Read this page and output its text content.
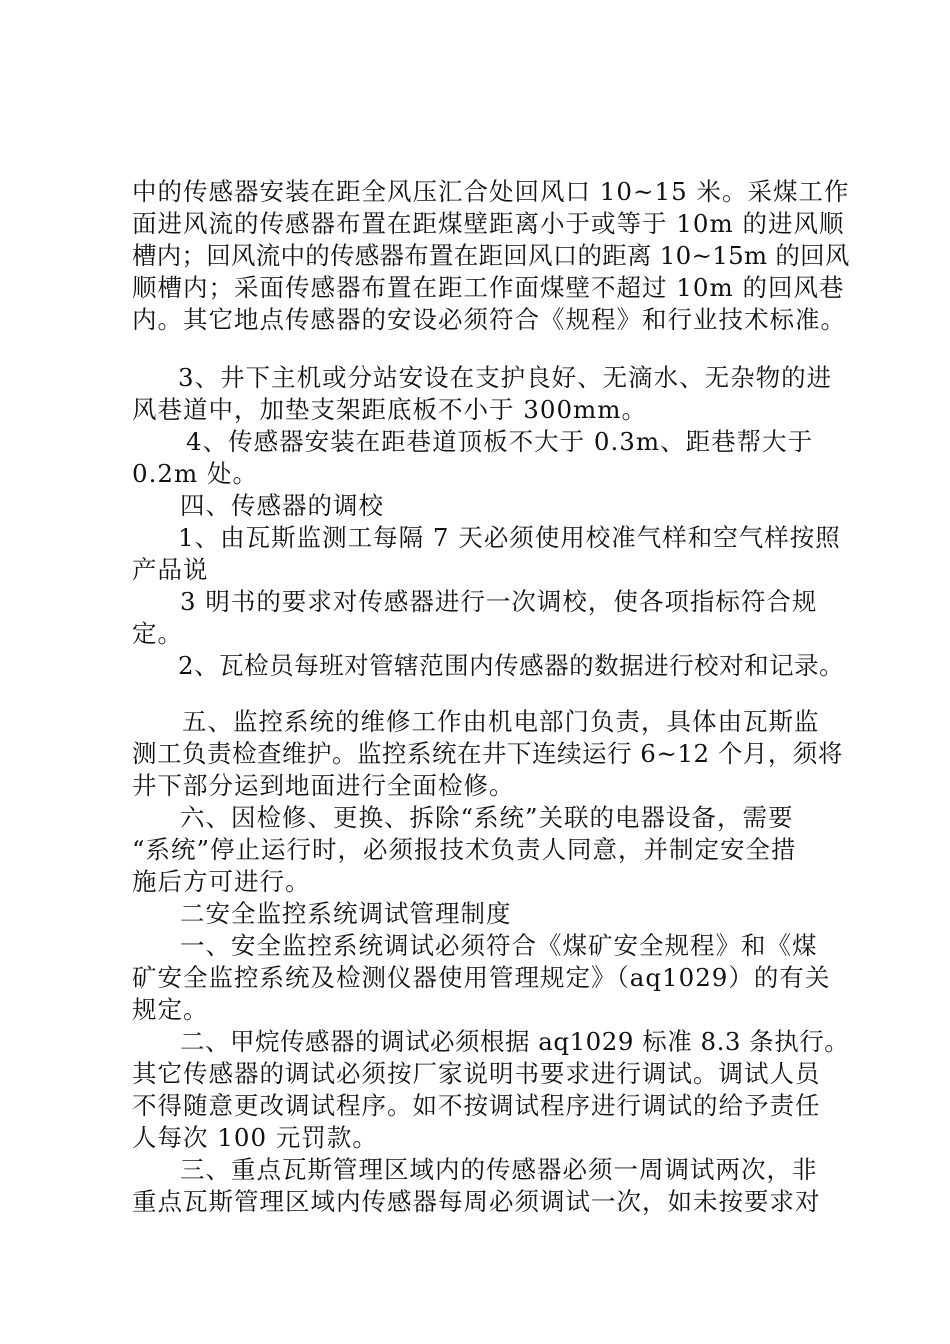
中的传感器安装在距全风压汇合处回风口 10~15 米。采煤工作
面进风流的传感器布置在距煤壁距离小于或等于 10m 的进风顺
槽内；回风流中的传感器布置在距回风口的距离 10~15m 的回风
顺槽内；采面传感器布置在距工作面煤壁不超过 10m 的回风巷
内。其它地点传感器的安设必须符合《规程》和行业技术标准。
3、井下主机或分站安设在支护良好、无滴水、无杂物的进
风巷道中，加垫支架距底板不小于 300mm。
4、传感器安装在距巷道顶板不大于 0.3m、距巷帮大于
0.2m 处。
四、传感器的调校
1、由瓦斯监测工每隔 7 天必须使用校准气样和空气样按照
产品说
3 明书的要求对传感器进行一次调校，使各项指标符合规
定。
2、瓦检员每班对管辖范围内传感器的数据进行校对和记录。
五、监控系统的维修工作由机电部门负责，具体由瓦斯监
测工负责检查维护。监控系统在井下连续运行 6~12 个月，须将
井下部分运到地面进行全面检修。
六、因检修、更换、拆除“系统”关联的电器设备，需要
“系统”停止运行时，必须报技术负责人同意，并制定安全措
施后方可进行。
二安全监控系统调试管理制度
一、安全监控系统调试必须符合《煤矿安全规程》和《煤
矿安全监控系统及检测仪器使用管理规定》（aq1029）的有关
规定。
二、甲烷传感器的调试必须根据 aq1029 标准 8.3 条执行。
其它传感器的调试必须按厂家说明书要求进行调试。调试人员
不得随意更改调试程序。如不按调试程序进行调试的给予责任
人每次 100 元罚款。
三、重点瓦斯管理区域内的传感器必须一周调试两次，非
重点瓦斯管理区域内传感器每周必须调试一次，如未按要求对
